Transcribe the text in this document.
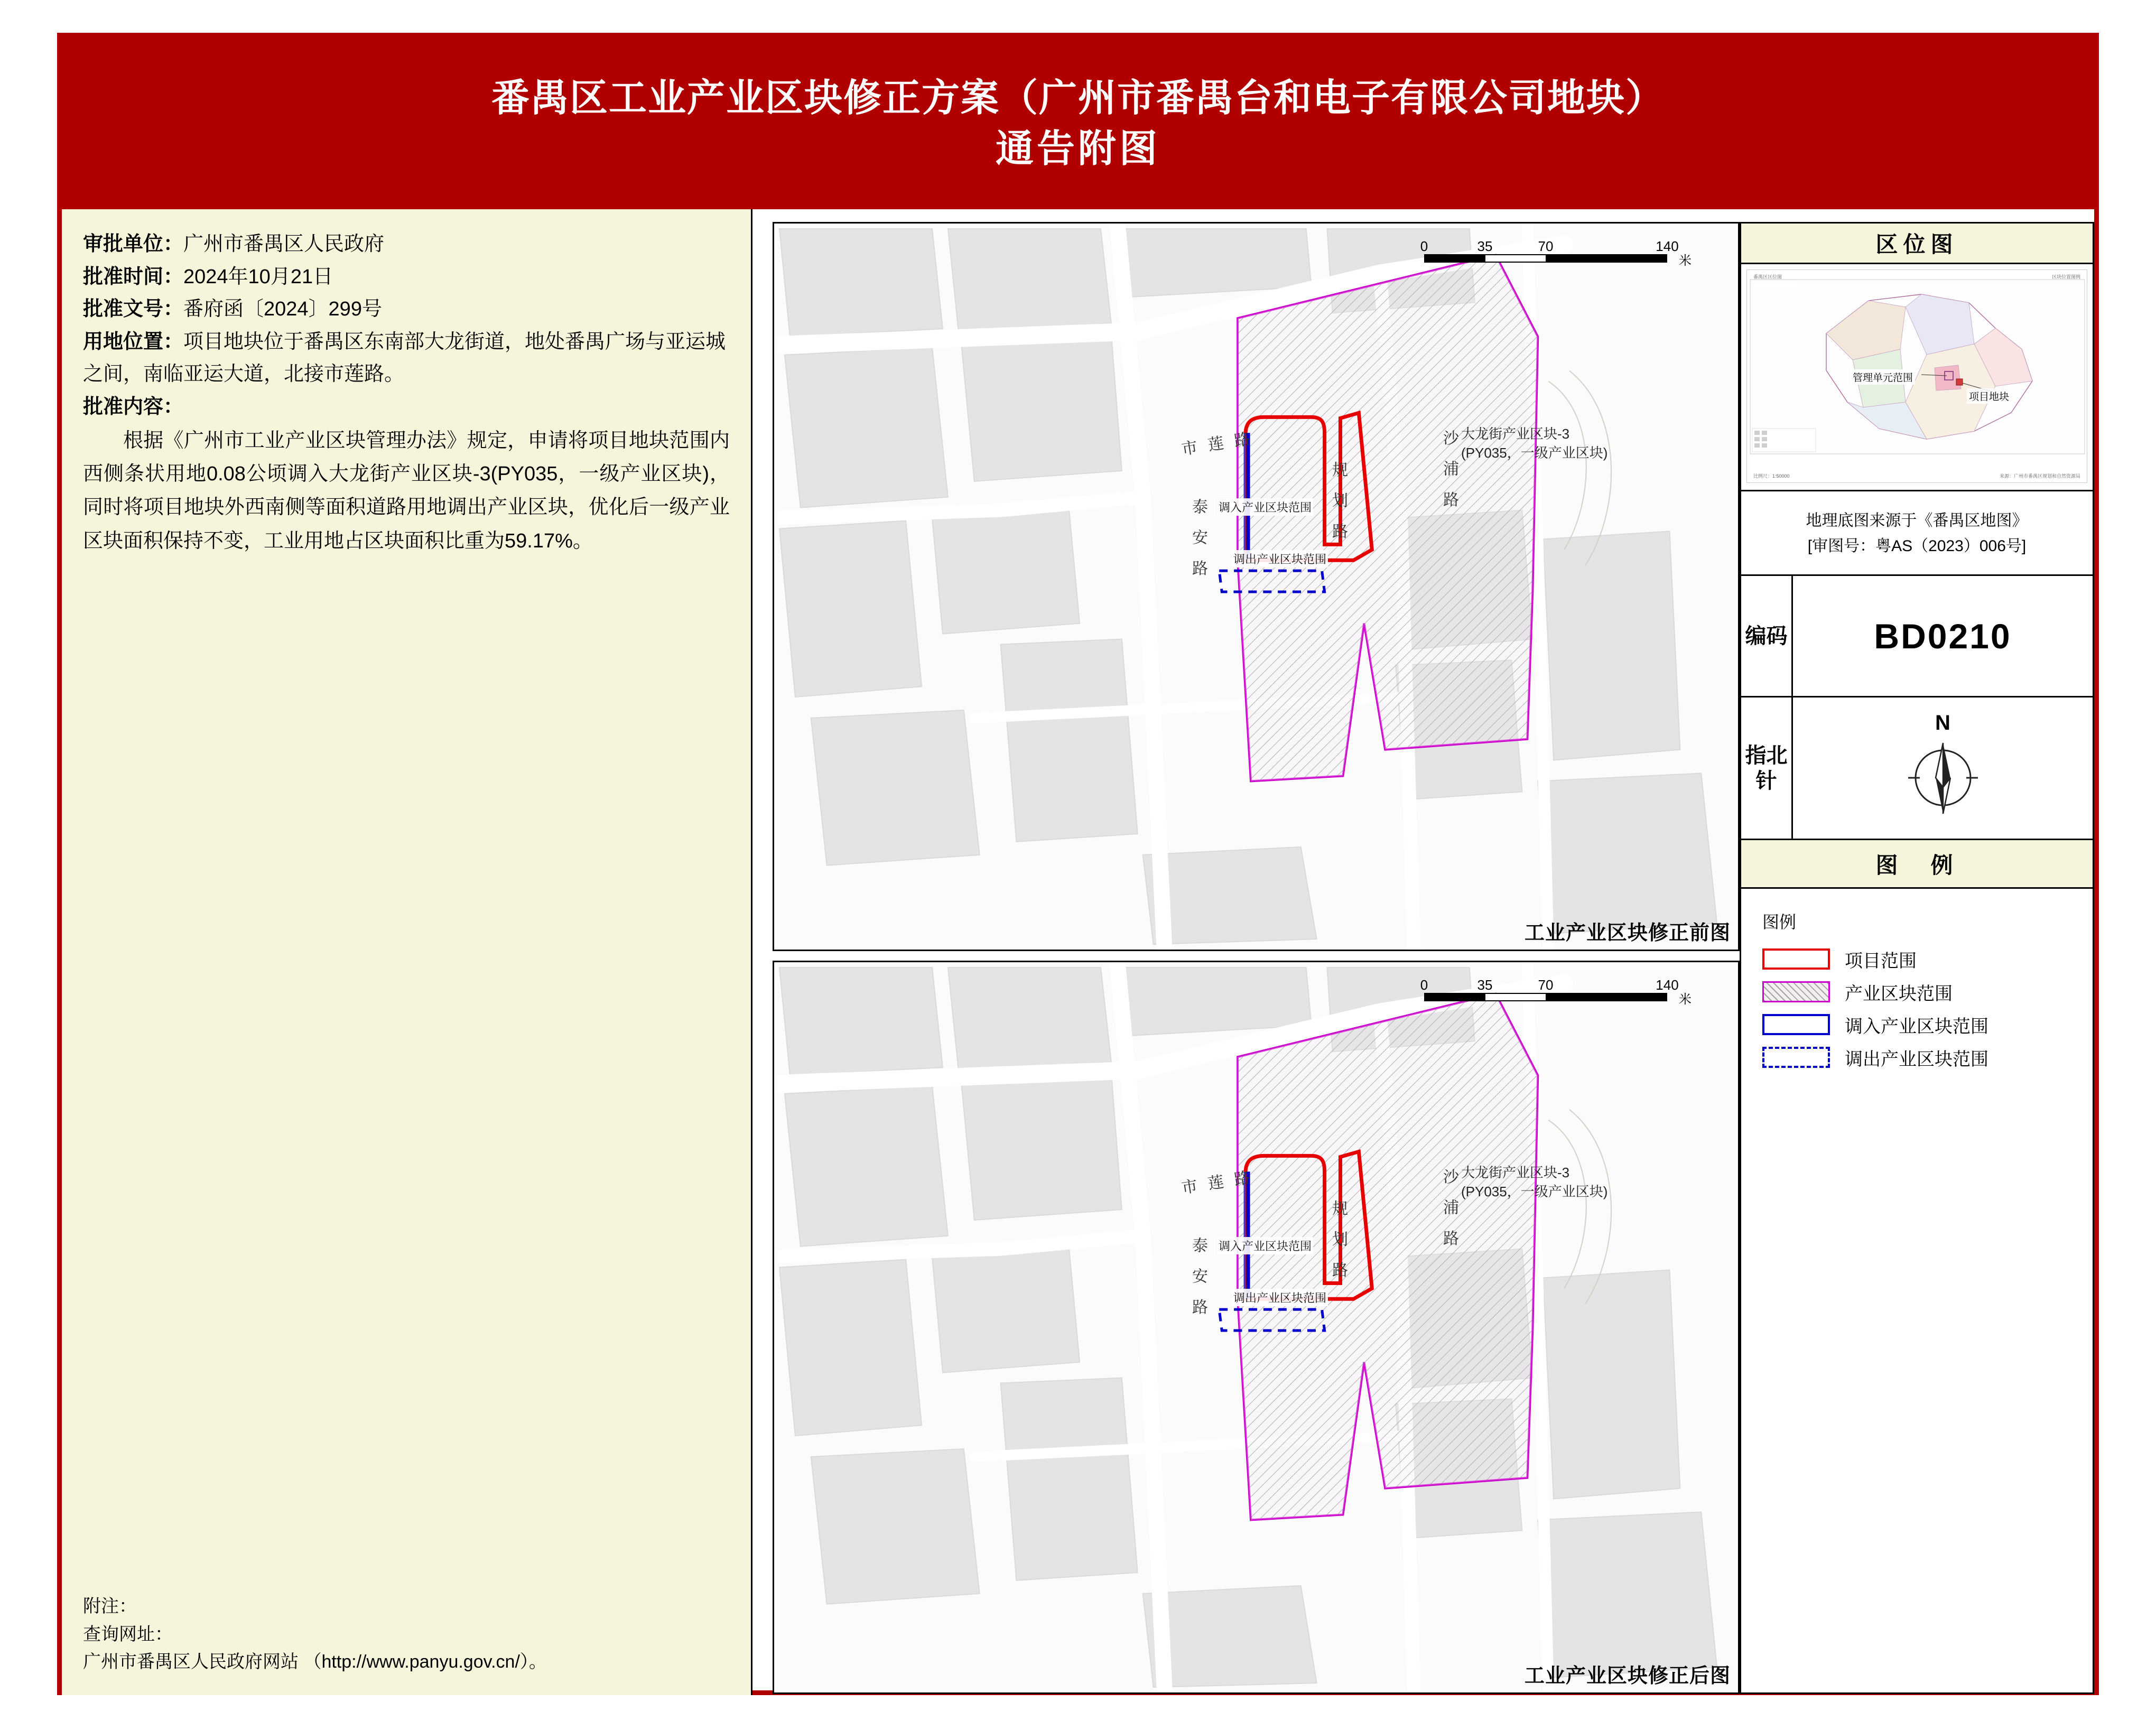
番禺区工业产业区块修正方案（广州市番禺台和电子有限公司地块）
通告附图
审批单位：广州市番禺区人民政府
批准时间：2024年10月21日
批准文号：番府函〔2024〕299号
用地位置：项目地块位于番禺区东南部大龙街道，地处番禺广场与亚运城之间，南临亚运大道，北接市莲路。
批准内容：
根据《广州市工业产业区块管理办法》规定，申请将项目地块范围内西侧条状用地0.08公顷调入大龙街产业区块-3(PY035，一级产业区块)，同时将项目地块外西南侧等面积道路用地调出产业区块，优化后一级产业区块面积保持不变，工业用地占区块面积比重为59.17%。
附注：
查询网址：
广州市番禺区人民政府网站 （http://www.panyu.gov.cn/）。
0	35	70	140
米
市 莲 路
泰 安 路	规 划 路	沙 浦 路 大龙街产业区块-3
(PY035，一级产业区块)
调入产业区块范围
调出产业区块范围
工业产业区块修正前图
0	35	70	140
米
市 莲 路
泰 安 路	规 划 路	沙 浦 路 大龙街产业区块-3
(PY035，一级产业区块)
调入产业区块范围
调出产业区块范围
工业产业区块修正后图
区位图
番禺区区位图	区块位置图例
比例尺：1:50000	来源：广州市番禺区规划和自然资源局
管理单元范围
项目地块
地理底图来源于《番禺区地图》
[审图号：粤AS（2023）006号]
编码	BD0210
指北针
N
图　例
图例
项目范围
产业区块范围
调入产业区块范围
调出产业区块范围
